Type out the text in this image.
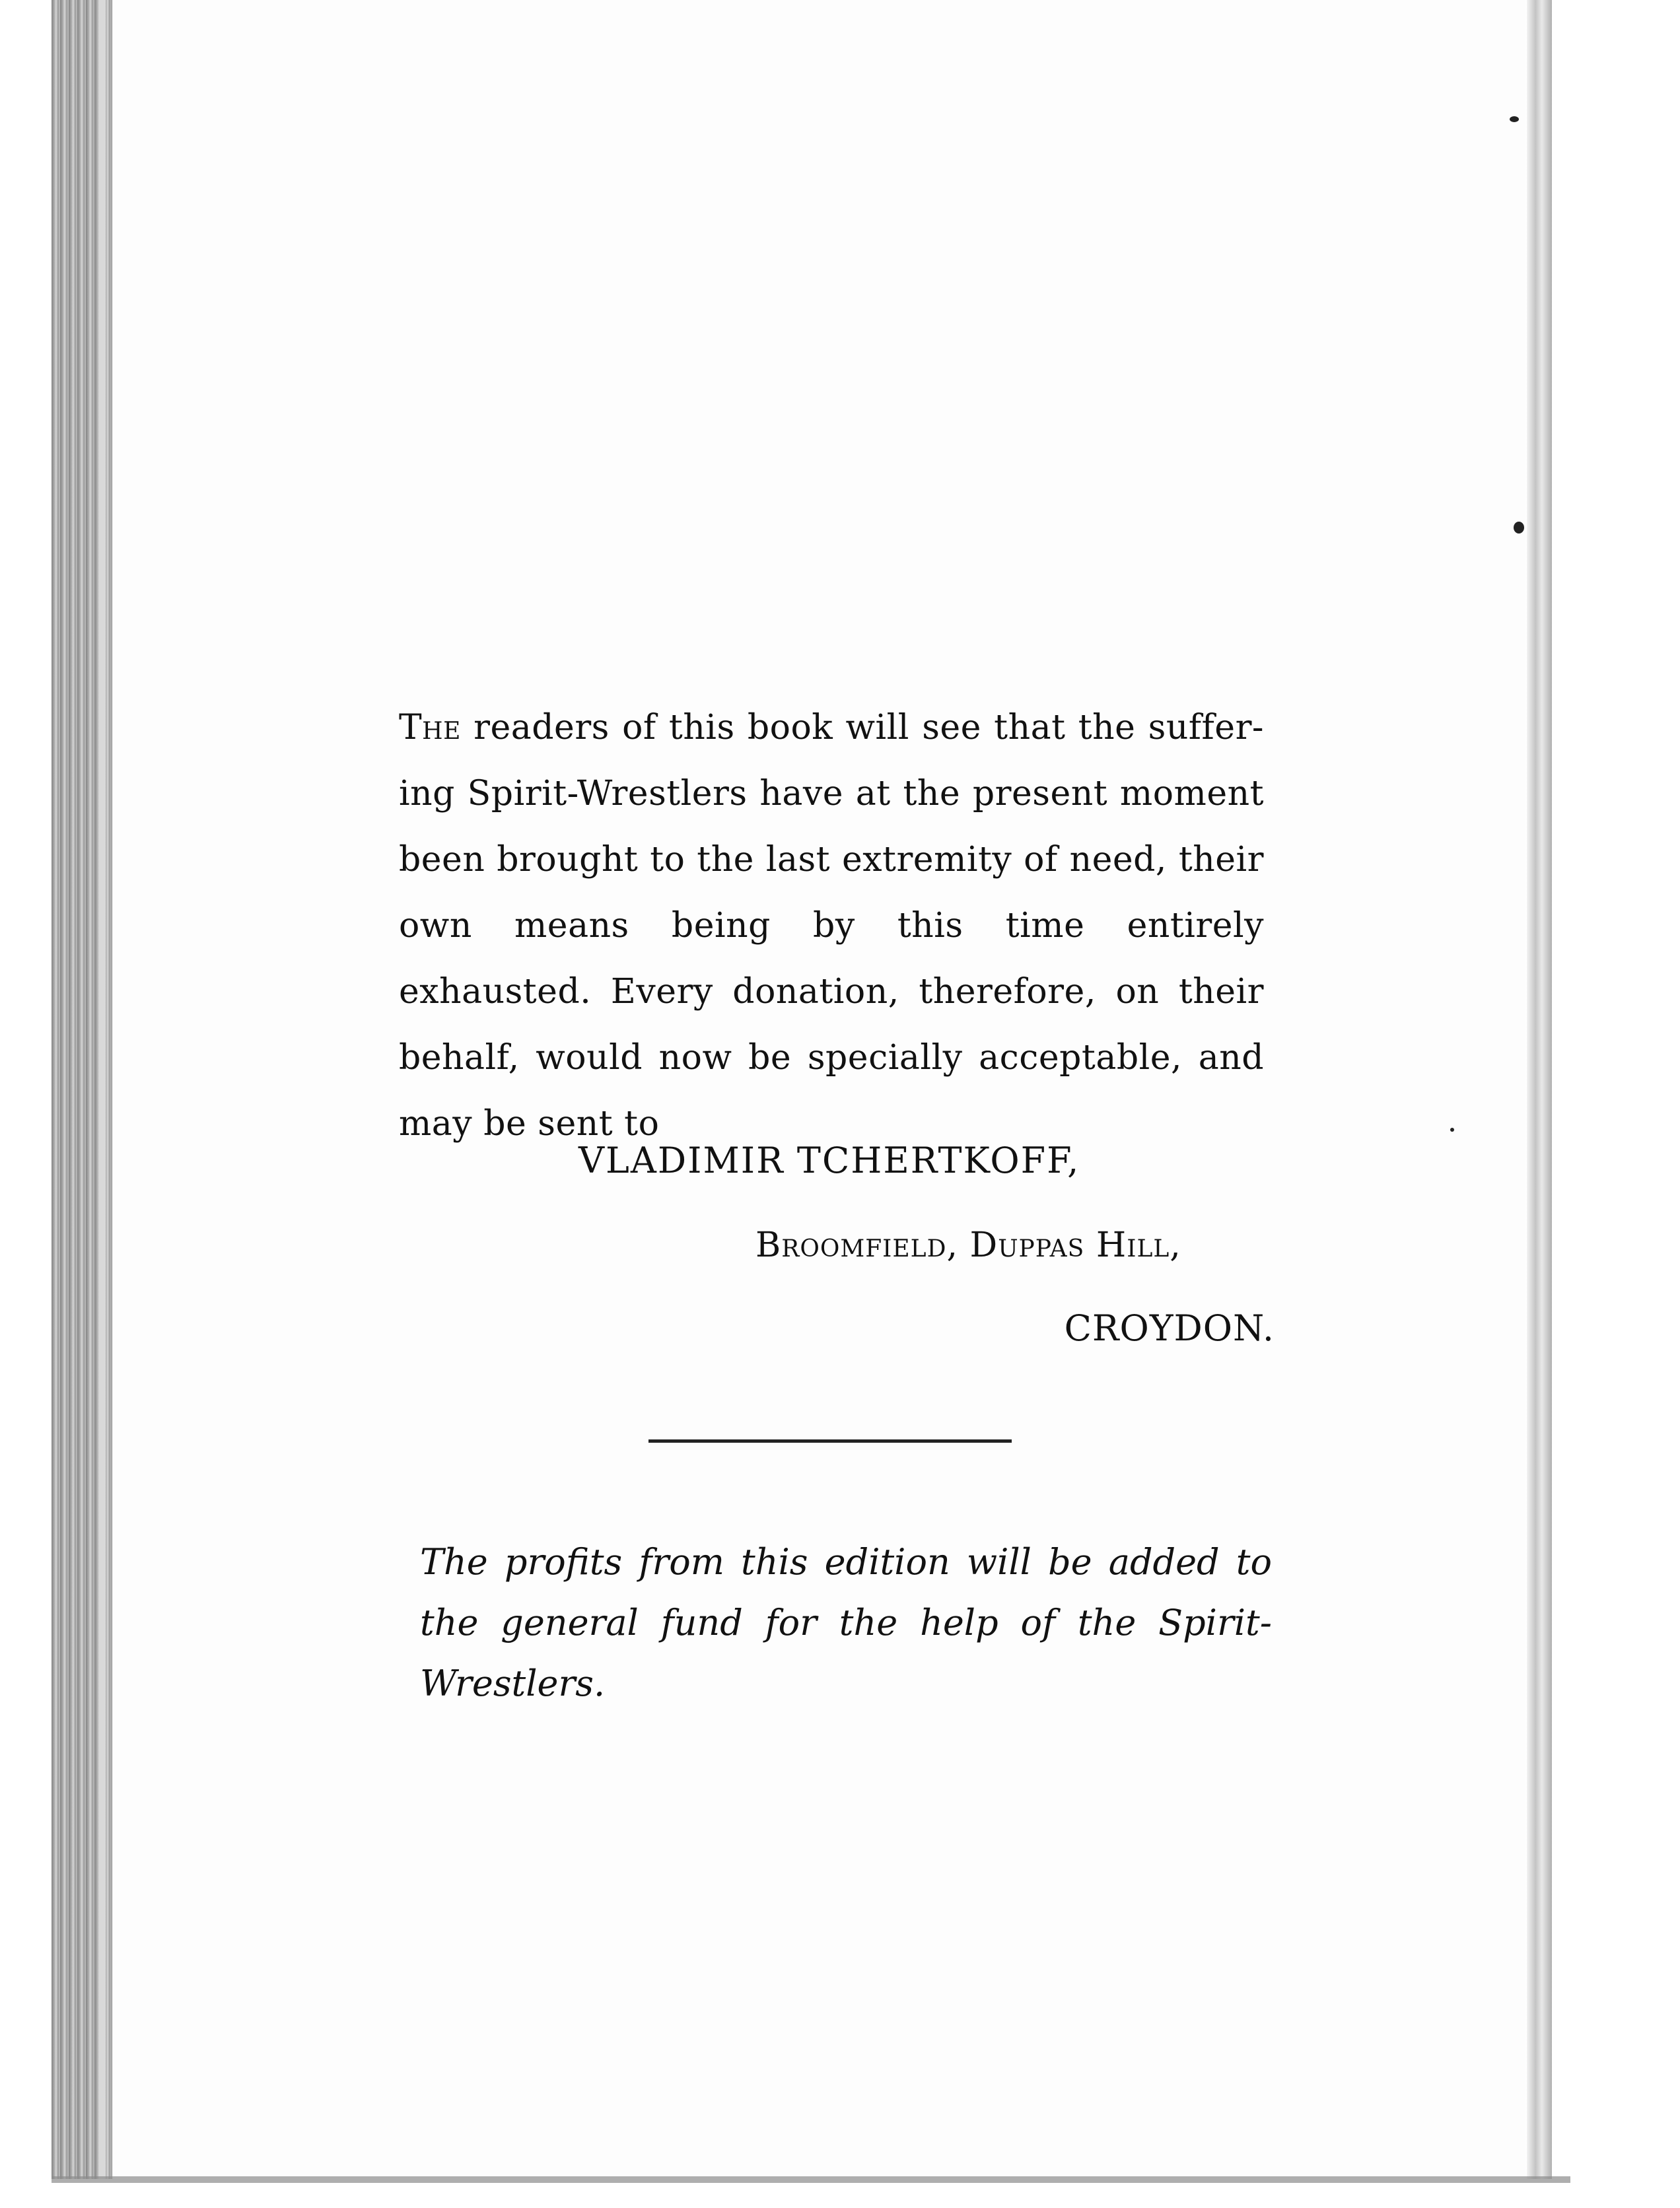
The readers of this book will see that the suffer-ing Spirit-Wrestlers have at the present moment been brought to the last extremity of need, their own means being by this time entirely exhausted. Every donation, therefore, on their behalf, would now be specially acceptable, and may be sent to

VLADIMIR TCHERTKOFF,
Broomfield, Duppas Hill,
CROYDON.

The profits from this edition will be added to the general fund for the help of the Spirit-Wrestlers.
